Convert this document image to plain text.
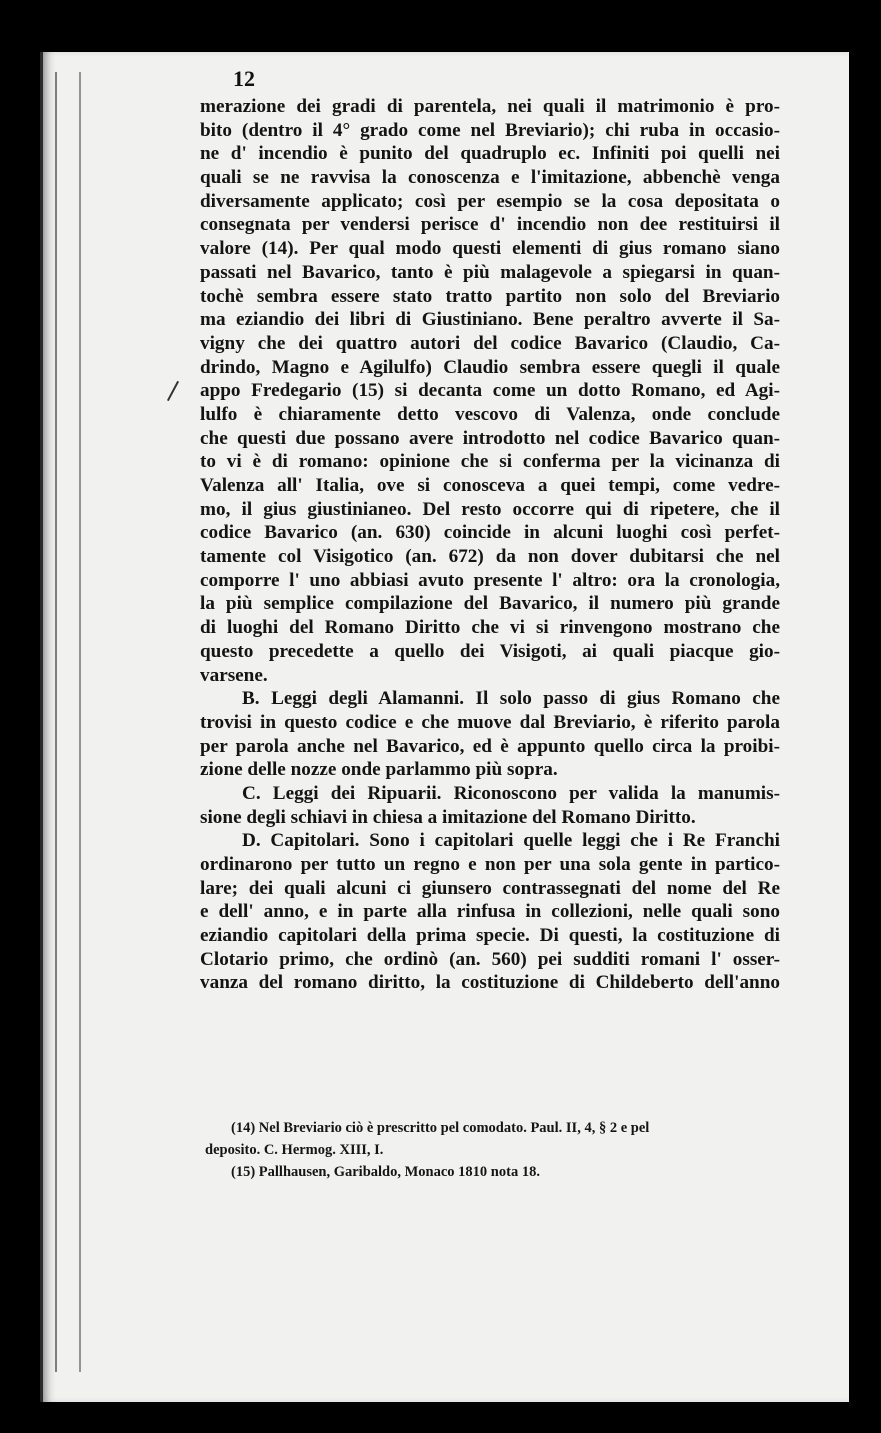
12
merazione dei gradi di parentela, nei quali il matrimonio è pro-
bito (dentro il 4° grado come nel Breviario); chi ruba in occasio-
ne d' incendio è punito del quadruplo ec. Infiniti poi quelli nei
quali se ne ravvisa la conoscenza e l'imitazione, abbenchè venga
diversamente applicato; così per esempio se la cosa depositata o
consegnata per vendersi perisce d' incendio non dee restituirsi il
valore (14). Per qual modo questi elementi di gius romano siano
passati nel Bavarico, tanto è più malagevole a spiegarsi in quan-
tochè sembra essere stato tratto partito non solo del Breviario
ma eziandio dei libri di Giustiniano. Bene peraltro avverte il Sa-
vigny che dei quattro autori del codice Bavarico (Claudio, Ca-
drindo, Magno e Agilulfo) Claudio sembra essere quegli il quale
appo Fredegario (15) si decanta come un dotto Romano, ed Agi-
lulfo è chiaramente detto vescovo di Valenza, onde conclude
che questi due possano avere introdotto nel codice Bavarico quan-
to vi è di romano: opinione che si conferma per la vicinanza di
Valenza all' Italia, ove si conosceva a quei tempi, come vedre-
mo, il gius giustinianeo. Del resto occorre qui di ripetere, che il
codice Bavarico (an. 630) coincide in alcuni luoghi così perfet-
tamente col Visigotico (an. 672) da non dover dubitarsi che nel
comporre l' uno abbiasi avuto presente l' altro: ora la cronologia,
la più semplice compilazione del Bavarico, il numero più grande
di luoghi del Romano Diritto che vi si rinvengono mostrano che
questo precedette a quello dei Visigoti, ai quali piacque gio-
varsene.
B. Leggi degli Alamanni. Il solo passo di gius Romano che
trovisi in questo codice e che muove dal Breviario, è riferito parola
per parola anche nel Bavarico, ed è appunto quello circa la proibi-
zione delle nozze onde parlammo più sopra.
C. Leggi dei Ripuarii. Riconoscono per valida la manumis-
sione degli schiavi in chiesa a imitazione del Romano Diritto.
D. Capitolari. Sono i capitolari quelle leggi che i Re Franchi
ordinarono per tutto un regno e non per una sola gente in partico-
lare; dei quali alcuni ci giunsero contrassegnati del nome del Re
e dell' anno, e in parte alla rinfusa in collezioni, nelle quali sono
eziandio capitolari della prima specie. Di questi, la costituzione di
Clotario primo, che ordinò (an. 560) pei sudditi romani l' osser-
vanza del romano diritto, la costituzione di Childeberto dell'anno
(14) Nel Breviario ciò è prescritto pel comodato. Paul. II, 4, § 2 e pel
deposito. C. Hermog. XIII, I.
(15) Pallhausen, Garibaldo, Monaco 1810 nota 18.
